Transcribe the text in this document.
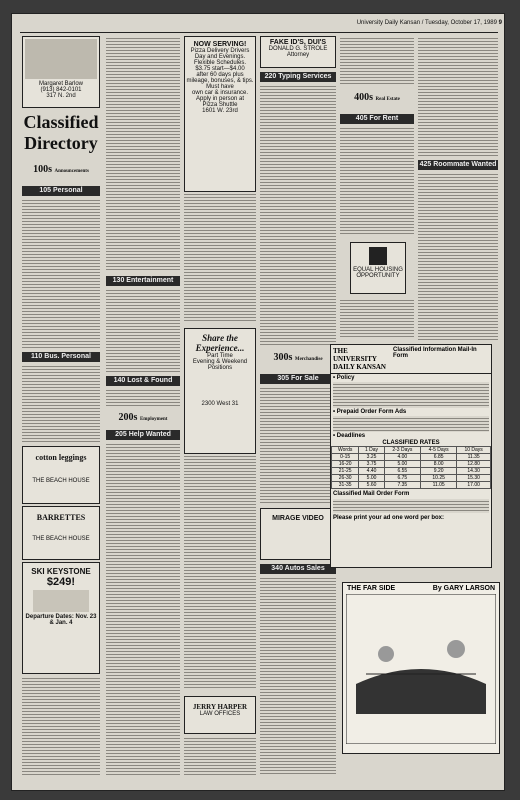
University Daily Kansan / Tuesday, October 17, 1989 9
Margaret Barlow
(913) 842-0101
317 N. 2nd
Classified Directory
100s Announcements
105 Personal
110 Bus. Personal
cotton leggings
THE BEACH HOUSE
BARRETTES
THE BEACH HOUSE
SKI KEYSTONE
$249!
Departure Dates: Nov. 23 & Jan. 4
130 Entertainment
140 Lost & Found
200s Employment
205 Help Wanted
NOW SERVING!
Pizza Delivery Drivers
Day and Evenings.
Flexible Schedules.
$3.75 start—$4.00
after 60 days plus
mileage, bonuses, & tips.
Must have
own car & insurance.
Apply in person at
Pizza Shuttle
1601 W. 23rd
Share the Experience...
Part Time
Evening & Weekend
Positions
2300 West 31
JERRY HARPER
LAW OFFICES
FAKE ID'S, DUI'S
DONALD G. STROLE
Attorney
220 Typing Services
300s Merchandise
305 For Sale
MIRAGE VIDEO
340 Autos Sales
400s Real Estate
405 For Rent
EQUAL HOUSING OPPORTUNITY
425 Roommate Wanted
THE UNIVERSITY DAILY KANSAN
Classified Information Mail-In Form
• Policy
• Prepaid Order Form Ads
• Deadlines
CLASSIFIED RATES
Words	1 Day	2-3 Days	4-5 Days	10 Days
0-15	3.25	4.00	6.85	11.35
16-20	3.75	5.00	8.00	12.80
21-25	4.40	6.55	9.20	14.30
26-30	5.00	6.75	10.25	15.30
31-35	5.60	7.35	11.05	17.00
Classified Mail Order Form
Please print your ad one word per box:
THE FAR SIDE	By GARY LARSON
